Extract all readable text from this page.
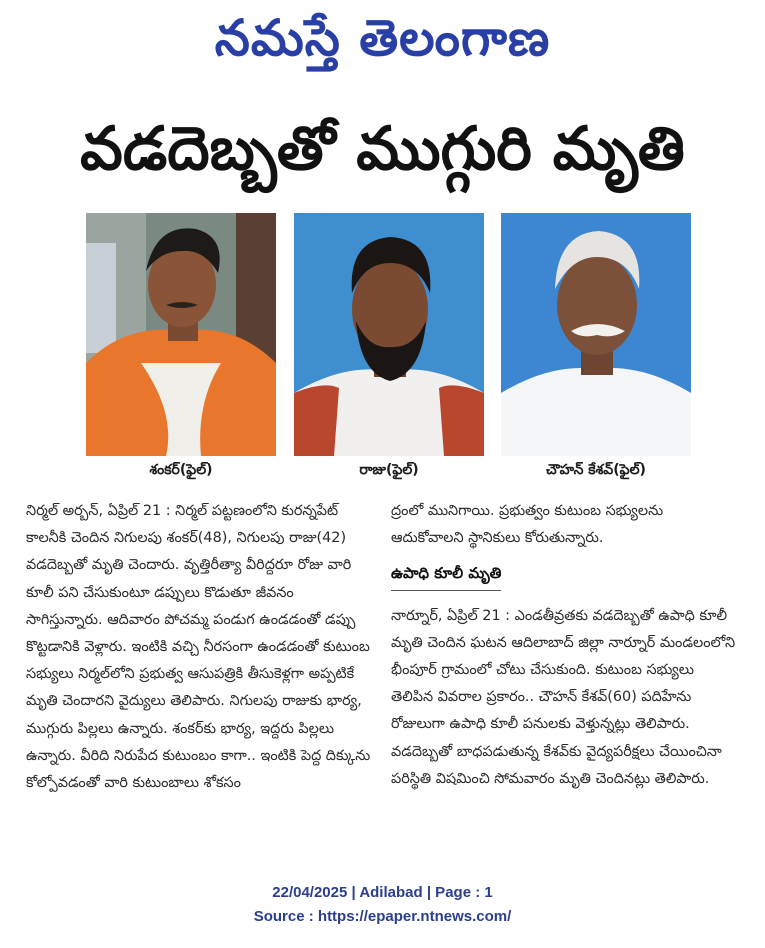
నమస్తే తెలంగాణ
వడదెబ్బతో ముగ్గురి మృతి
శంకర్(ఫైల్)	రాజు(ఫైల్)	చౌహన్ కేశవ్(ఫైల్)

నిర్మల్ అర్బన్, ఏప్రిల్ 21 : నిర్మల్ పట్టణంలోని కురన్నపేట్ కాలనీకి చెందిన నిగులపు శంకర్(48), నిగులపు రాజు(42) వడదెబ్బతో మృతి చెందారు. వృత్తిరీత్యా వీరిద్దరూ రోజు వారి కూలీ పని చేసుకుంటూ డప్పులు కొడుతూ జీవనం సాగిస్తున్నారు. ఆదివారం పోచమ్మ పండుగ ఉండడంతో డప్పు కొట్టడానికి వెళ్లారు. ఇంటికి వచ్చి నీరసంగా ఉండడంతో కుటుంబ సభ్యులు నిర్మల్‌లోని ప్రభుత్వ ఆసుపత్రికి తీసుకెళ్లగా అప్పటికే మృతి చెందారని వైద్యులు తెలిపారు. నిగులపు రాజుకు భార్య, ముగ్గురు పిల్లలు ఉన్నారు. శంకర్‌కు భార్య, ఇద్దరు పిల్లలు ఉన్నారు. వీరిది నిరుపేద కుటుంబం కాగా.. ఇంటికి పెద్ద దిక్కును కోల్పోవడంతో వారి కుటుంబాలు శోకసం

ద్రంలో మునిగాయి. ప్రభుత్వం కుటుంబ సభ్యులను ఆదుకోవాలని స్థానికులు కోరుతున్నారు.

ఉపాధి కూలీ మృతి

నార్నూర్, ఏప్రిల్ 21 : ఎండతీవ్రతకు వడదెబ్బతో ఉపాధి కూలీ మృతి చెందిన ఘటన ఆదిలాబాద్ జిల్లా నార్నూర్ మండలంలోని భీంపూర్ గ్రామంలో చోటు చేసుకుంది. కుటుంబ సభ్యులు తెలిపిన వివరాల ప్రకారం.. చౌహన్ కేశవ్(60) పదిహేను రోజులుగా ఉపాధి కూలీ పనులకు వెళ్తున్నట్లు తెలిపారు. వడదెబ్బతో బాధపడుతున్న కేశవ్‌కు వైద్యపరీక్షలు చేయించినా పరిస్థితి విషమించి సోమవారం మృతి చెందినట్లు తెలిపారు.

22/04/2025 | Adilabad | Page : 1
Source : https://epaper.ntnews.com/
